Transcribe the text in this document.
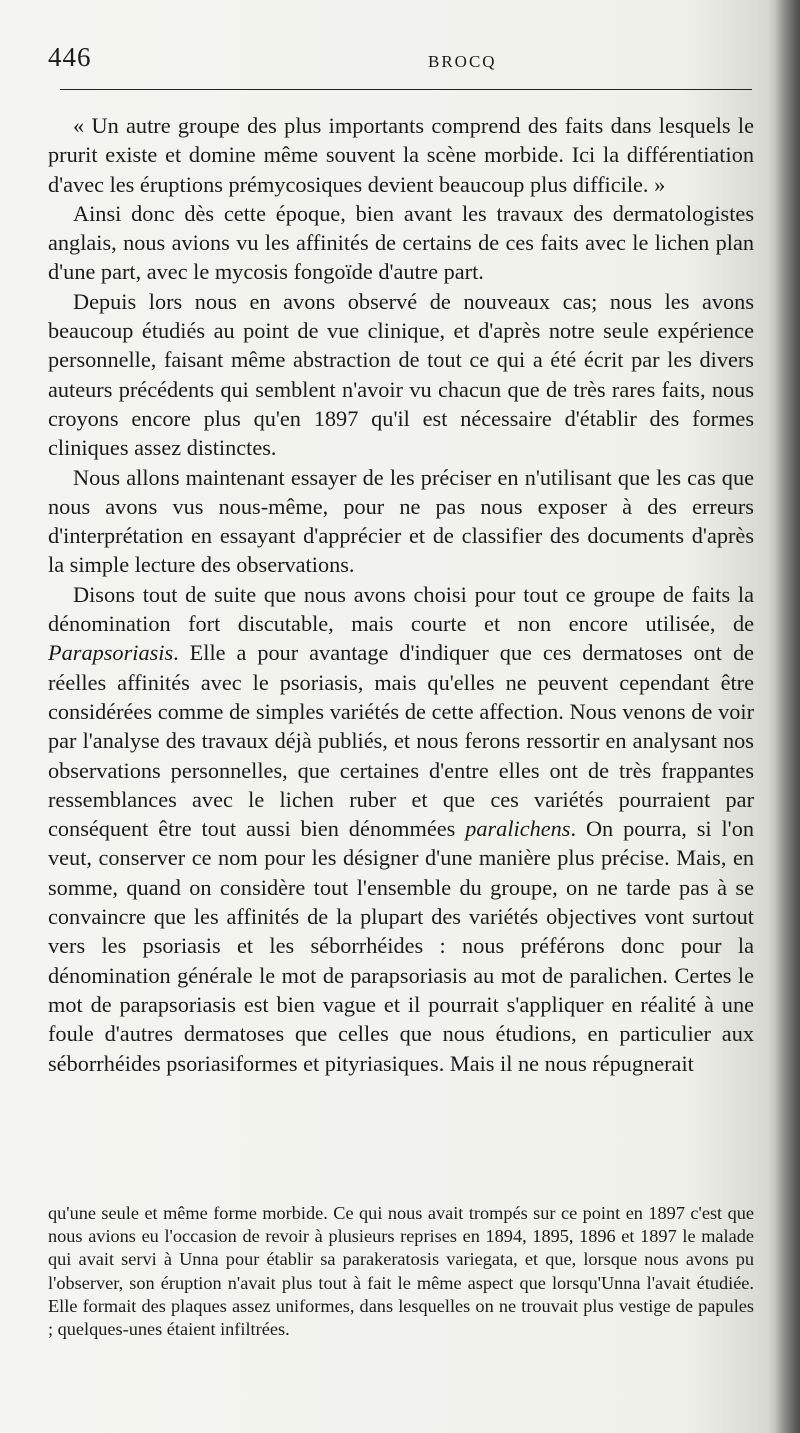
446	BROCQ

« Un autre groupe des plus importants comprend des faits dans lesquels le prurit existe et domine même souvent la scène morbide. Ici la différentiation d'avec les éruptions prémycosiques devient beaucoup plus difficile. »

Ainsi donc dès cette époque, bien avant les travaux des dermatologistes anglais, nous avions vu les affinités de certains de ces faits avec le lichen plan d'une part, avec le mycosis fongoïde d'autre part.

Depuis lors nous en avons observé de nouveaux cas; nous les avons beaucoup étudiés au point de vue clinique, et d'après notre seule expérience personnelle, faisant même abstraction de tout ce qui a été écrit par les divers auteurs précédents qui semblent n'avoir vu chacun que de très rares faits, nous croyons encore plus qu'en 1897 qu'il est nécessaire d'établir des formes cliniques assez distinctes.

Nous allons maintenant essayer de les préciser en n'utilisant que les cas que nous avons vus nous-même, pour ne pas nous exposer à des erreurs d'interprétation en essayant d'apprécier et de classifier des documents d'après la simple lecture des observations.

Disons tout de suite que nous avons choisi pour tout ce groupe de faits la dénomination fort discutable, mais courte et non encore utilisée, de Parapsoriasis. Elle a pour avantage d'indiquer que ces dermatoses ont de réelles affinités avec le psoriasis, mais qu'elles ne peuvent cependant être considérées comme de simples variétés de cette affection. Nous venons de voir par l'analyse des travaux déjà publiés, et nous ferons ressortir en analysant nos observations personnelles, que certaines d'entre elles ont de très frappantes ressemblances avec le lichen ruber et que ces variétés pourraient par conséquent être tout aussi bien dénommées paralichens. On pourra, si l'on veut, conserver ce nom pour les désigner d'une manière plus précise. Mais, en somme, quand on considère tout l'ensemble du groupe, on ne tarde pas à se convaincre que les affinités de la plupart des variétés objectives vont surtout vers les psoriasis et les séborrhéides : nous préférons donc pour la dénomination générale le mot de parapsoriasis au mot de paralichen. Certes le mot de parapsoriasis est bien vague et il pourrait s'appliquer en réalité à une foule d'autres dermatoses que celles que nous étudions, en particulier aux séborrhéides psoriasiformes et pityriasiques. Mais il ne nous répugnerait

qu'une seule et même forme morbide. Ce qui nous avait trompés sur ce point en 1897 c'est que nous avions eu l'occasion de revoir à plusieurs reprises en 1894, 1895, 1896 et 1897 le malade qui avait servi à Unna pour établir sa parakeratosis variegata, et que, lorsque nous avons pu l'observer, son éruption n'avait plus tout à fait le même aspect que lorsqu'Unna l'avait étudiée. Elle formait des plaques assez uniformes, dans lesquelles on ne trouvait plus vestige de papules ; quelques-unes étaient infiltrées.
